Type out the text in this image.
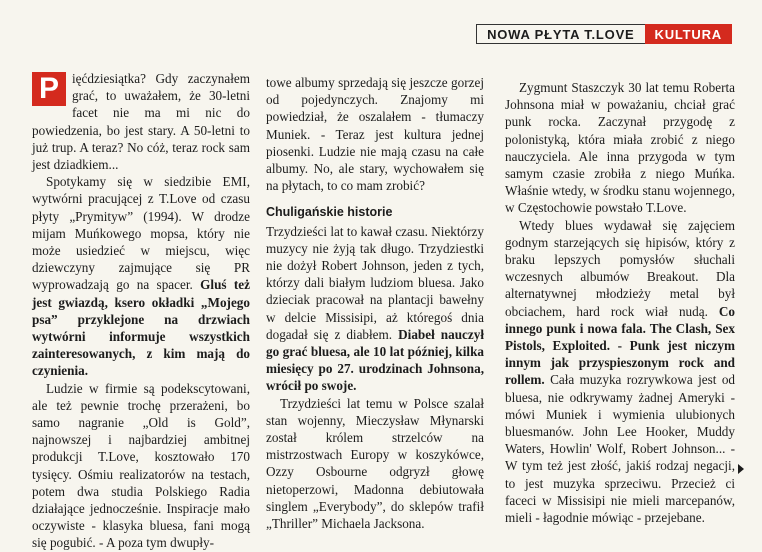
NOWA PŁYTA T.LOVE	KULTURA

P ięćdziesiątka? Gdy zaczynałem grać, to uważałem, że 30-letni facet nie ma mi nic do powiedzenia, bo jest stary. A 50-letni to już trup. A teraz? No cóż, teraz rock sam jest dziadkiem...

Spotykamy się w siedzibie EMI, wytwórni pracującej z T.Love od czasu płyty „Prymityw” (1994). W drodze mijam Muńkowego mopsa, który nie może usiedzieć w miejscu, więc dziewczyny zajmujące się PR wyprowadzają go na spacer. Gluś też jest gwiazdą, ksero okładki „Mojego psa” przyklejone na drzwiach wytwórni informuje wszystkich zainteresowanych, z kim mają do czynienia.

Ludzie w firmie są podekscytowani, ale też pewnie trochę przerażeni, bo samo nagranie „Old is Gold”, najnowszej i najbardziej ambitnej produkcji T.Love, kosztowało 170 tysięcy. Ośmiu realizatorów na testach, potem dwa studia Polskiego Radia działające jednocześnie. Inspiracje mało oczywiste - klasyka bluesa, fani mogą się pogubić. - A poza tym dwupły-

towe albumy sprzedają się jeszcze gorzej od pojedynczych. Znajomy mi powiedział, że oszalałem - tłumaczy Muniek. - Teraz jest kultura jednej piosenki. Ludzie nie mają czasu na całe albumy. No, ale stary, wychowałem się na płytach, to co mam zrobić?

Chuligańskie historie

Trzydzieści lat to kawał czasu. Niektórzy muzycy nie żyją tak długo. Trzydziestki nie dożył Robert Johnson, jeden z tych, którzy dali białym ludziom bluesa. Jako dzieciak pracował na plantacji bawełny w delcie Missisipi, aż któregoś dnia dogadał się z diabłem. Diabeł nauczył go grać bluesa, ale 10 lat później, kilka miesięcy po 27. urodzinach Johnsona, wrócił po swoje.

Trzydzieści lat temu w Polsce szalał stan wojenny, Mieczysław Młynarski został królem strzelców na mistrzostwach Europy w koszykówce, Ozzy Osbourne odgryzł głowę nietoperzowi, Madonna debiutowała singlem „Everybody”, do sklepów trafił „Thriller” Michaela Jacksona.

Zygmunt Staszczyk 30 lat temu Roberta Johnsona miał w poważaniu, chciał grać punk rocka. Zaczynał przygodę z polonistyką, która miała zrobić z niego nauczyciela. Ale inna przygoda w tym samym czasie zrobiła z niego Muńka. Właśnie wtedy, w środku stanu wojennego, w Częstochowie powstało T.Love.

Wtedy blues wydawał się zajęciem godnym starzejących się hipisów, który z braku lepszych pomysłów słuchali wczesnych albumów Breakout. Dla alternatywnej młodzieży metal był obciachem, hard rock wiał nudą. Co innego punk i nowa fala. The Clash, Sex Pistols, Exploited. - Punk jest niczym innym jak przyspieszonym rock and rollem. Cała muzyka rozrywkowa jest od bluesa, nie odkrywamy żadnej Ameryki - mówi Muniek i wymienia ulubionych bluesmanów. John Lee Hooker, Muddy Waters, Howlin' Wolf, Robert Johnson... - W tym też jest złość, jakiś rodzaj negacji, to jest muzyka sprzeciwu. Przecież ci faceci w Missisipi nie mieli marcepanów, mieli - łagodnie mówiąc - przejebane.
